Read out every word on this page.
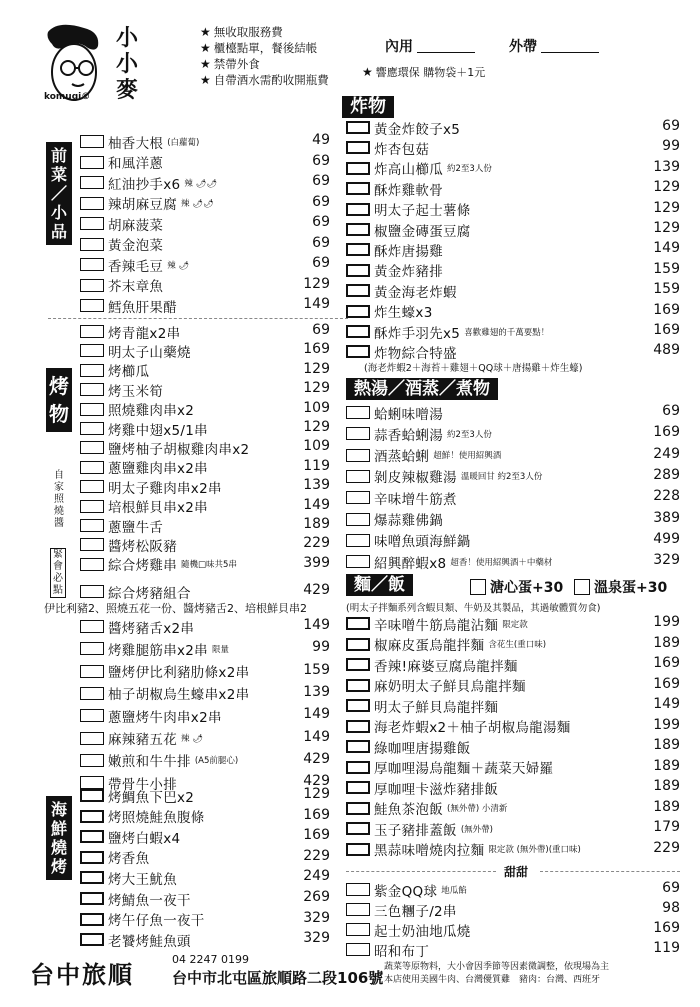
komugi©
小小麥
★ 無收取服務費
★ 櫃檯點單，餐後結帳
★ 禁帶外食
★ 自帶酒水需酌收開瓶費
內用	外帶
★ 響應環保 購物袋＋1元
前菜／小品
柚香大根 (白蘿蔔)	49
和風洋蔥	69
紅油抄手x6 辣 🌶🌶	69
辣胡麻豆腐 辣 🌶🌶	69
胡麻菠菜	69
黃金泡菜	69
香辣毛豆 辣 🌶	69
芥末章魚	129
鱈魚肝果醋	149
烤物
自家照燒醬
緊會必點
烤青龍x2串	69
明太子山藥燒	169
烤櫛瓜	129
烤玉米筍	129
照燒雞肉串x2	109
烤雞中翅x5/1串	129
鹽烤柚子胡椒雞肉串x2	109
蔥鹽雞肉串x2串	119
明太子雞肉串x2串	139
培根鮮貝串x2串	149
蔥鹽牛舌	189
醬烤松阪豬	229
綜合烤雞串 隨機□味共5串	399
綜合烤豬組合	429
伊比利豬2、照燒五花一份、醬烤豬舌2、培根鮮貝串2
醬烤豬舌x2串	149
烤雞腿筋串x2串 限量	99
鹽烤伊比利豬肋條x2串	159
柚子胡椒烏生蠔串x2串	139
蔥鹽烤牛肉串x2串	149
麻辣豬五花 辣 🌶	149
嫩煎和牛牛排 (A5前腿心)	429
帶骨牛小排	429
海鮮燒烤
烤鯛魚下巴x2	129
烤照燒鮭魚腹條	169
鹽烤白蝦x4	169
烤香魚	229
烤大王魷魚	249
烤鯖魚一夜干	269
烤午仔魚一夜干	329
老饕烤鮭魚頭	329
炸物
黃金炸餃子x5	69
炸杏包菇	99
炸高山櫛瓜 約2至3人份	139
酥炸雞軟骨	129
明太子起士薯條	129
椒鹽金磚蛋豆腐	129
酥炸唐揚雞	149
黃金炸豬排	159
黃金海老炸蝦	159
炸生蠔x3	169
酥炸手羽先x5 喜歡雞翅的千萬要點！	169
炸物綜合特盛	489
(海老炸蝦2＋海苔＋雞翅＋QQ球＋唐揚雞＋炸生蠔)
熱湯／酒蒸／煮物
蛤蜊味噌湯	69
蒜香蛤蜊湯 約2至3人份	169
酒蒸蛤蜊 超鮮！使用紹興酒	249
剝皮辣椒雞湯 溫暖回甘 約2至3人份	289
辛味增牛筋煮	228
爆蒜雞佛鍋	389
味噌魚頭海鮮鍋	499
紹興醉蝦x8 超香！使用紹興酒＋中藥材	329
麵／飯	溏心蛋+30 溫泉蛋+30
(明太子拌麵系列含蝦貝類、牛奶及其製品，其過敏體質勿食)
辛味噌牛筋烏龍沾麵 限定款	199
椒麻皮蛋烏龍拌麵 含花生(重口味)	189
香辣!麻婆豆腐烏龍拌麵	169
麻奶明太子鮮貝烏龍拌麵	169
明太子鮮貝烏龍拌麵	149
海老炸蝦x2＋柚子胡椒烏龍湯麵	199
綠咖哩唐揚雞飯	189
厚咖哩湯烏龍麵＋蔬菜天婦羅	189
厚咖哩卡滋炸豬排飯	189
鮭魚茶泡飯 (無外帶) 小清新	189
玉子豬排蓋飯 (無外帶)	179
黑蒜味噌燒肉拉麵 限定款 (無外帶)(重口味)	229
甜甜
紫金QQ球 地瓜餡	69
三色糰子/2串	98
起士奶油地瓜燒	169
昭和布丁	119
台中旅順
04 2247 0199
台中市北屯區旅順路二段106號
蔬菜等原物料，大小會因季節等因素微調整，依現場為主
本店使用美國牛肉、台灣優質雞　豬肉：台灣、西班牙
